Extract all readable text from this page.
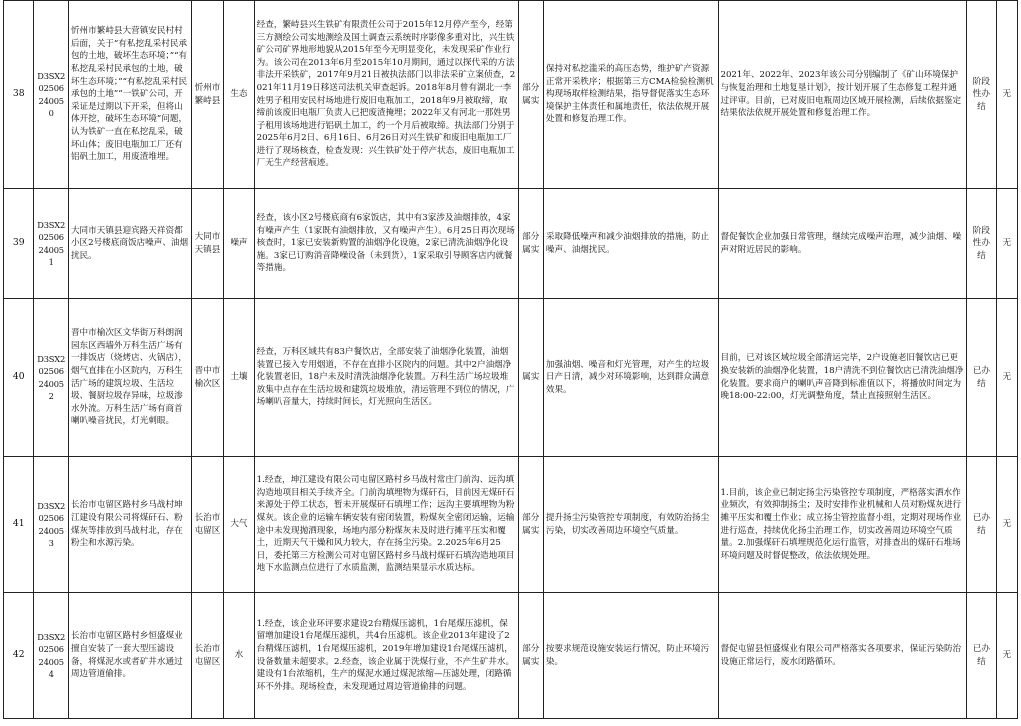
38	D3SX202506240050	忻州市繁峙县大营镇安民村村后面，关于“有私挖乱采村民承包的土地，破坏生态环境；”“有私挖乱采村民承包的土地，破坏生态环境；”“有私挖乱采村民承包的土地”“一铁矿公司，开采证是过期以下开采，但将山体开挖，破坏生态环境”问题，认为铁矿一直在私挖乱采，破坏山体；废旧电瓶加工厂还有铝矾土加工，用废渣堆埋。	忻州市繁峙县	生态	经查，繁峙县兴生铁矿有限责任公司于2015年12月停产至今，经第三方测绘公司实地测绘及国土调查云系统时序影像多重对比，兴生铁矿公司矿界地形地貌从2015年至今无明显变化，未发现采矿作业行为。该公司在2013年6月至2015年10月期间，通过以探代采的方法非法开采铁矿，2017年9月21日被执法部门以非法采矿立案侦查，2021年11月19日移送司法机关审查起诉。2018年8月曾有湖北一李姓男子租用安民村场地进行废旧电瓶加工，2018年9月被取缔，取缔前该废旧电瓶厂负责人已把废渣掩埋；2022年又有河北一那姓男子租用该场地进行铝矾土加工，约一个月后被取缔。执法部门分别于2025年6月2日、6月16日、6月26日对兴生铁矿和废旧电瓶加工厂进行了现场核查，检查发现：兴生铁矿处于停产状态，废旧电瓶加工厂无生产经营痕迹。	部分属实	保持对私挖滥采的高压态势，维护矿产资源正常开采秩序；根据第三方CMA检验检测机构现场取样检测结果，指导督促落实生态环境保护主体责任和属地责任，依法依规开展处置和修复治理工作。	2021年、2022年、2023年该公司分别编制了《矿山环境保护与恢复治理和土地复垦计划》，按计划开展了生态修复工程并通过评审。目前，已对废旧电瓶周边区域开展检测，后续依据鉴定结果依法依规开展处置和修复治理工作。	阶段性办结	无
39	D3SX202506240051	大同市天镇县迎宾路天祥资都小区2号楼底商饭店噪声、油烟扰民。	大同市天镇县	噪声	经查，该小区2号楼底商有6家饭店，其中有3家涉及油烟排放，4家有噪声产生（1家既有油烟排放，又有噪声产生）。6月25日再次现场核查时，1家已安装新购置的油烟净化设施，2家已清洗油烟净化设施。3家已订购消音降噪设备（未到货），1家采取引导顾客店内就餐等措施。	部分属实	采取降低噪声和减少油烟排放的措施，防止噪声、油烟扰民。	督促餐饮企业加强日常管理，继续完成噪声治理，减少油烟、噪声对附近居民的影响。	阶段性办结	无
40	D3SX202506240052	晋中市榆次区文华街万科朗润园东区西墙外万科生活广场有一排饭店（烧烤店、火锅店），烟气直排在小区院内，万科生活广场的建筑垃圾、生活垃圾、餐厨垃圾存异味，垃圾渗水外流。万科生活广场有商首喇叭噪音扰民，灯光刺眼。	晋中市榆次区	土壤	经查，万科区域共有83户餐饮店，全部安装了油烟净化装置，油烟装置已接入专用烟道，不存在直排小区院内的问题。其中2户油烟净化装置老旧，18户未及时清洗油烟净化装置。万科生活广场垃圾堆放集中点存在生活垃圾和建筑垃圾堆放，清运管理不到位的情况，广场喇叭音量大，持续时间长，灯光照向生活区。	属实	加强油烟、噪音和灯光管理，对产生的垃圾日产日清，减少对环境影响，达到群众满意效果。	目前，已对该区域垃圾全部清运完毕，2户设施老旧餐饮店已更换安装新的油烟净化装置，18户清洗不到位餐饮店已清洗油烟净化装置。要求商户的喇叭声音降到标准值以下，将播放时间定为晚18:00-22:00，灯光调整角度，禁止直接照射生活区。	已办结	无
41	D3SX202506240053	长治市屯留区路村乡马战村坤江建设有限公司将煤矸石、粉煤灰等排放到马战村北，存在粉尘和水源污染。	长治市屯留区	大气	1.经查，坤江建设有限公司屯留区路村乡马战村常庄门前沟、远沟填沟造地项目相关手续齐全。门前沟填埋物为煤矸石，目前因无煤矸石来源处于停工状态，暂未开展煤矸石填埋工作；远沟主要填埋物为粉煤灰。该企业的运输车辆安装有密闭装置，粉煤灰全密闭运输，运输途中未发现抛洒现象，场地内部分粉煤灰未及时进行摊平压实和覆土，近期天气干燥和风力较大，存在扬尘污染。2.2025年6月25日，委托第三方检测公司对屯留区路村乡马战村煤矸石填沟造地项目地下水监测点位进行了水质监测，监测结果显示水质达标。	部分属实	提升扬尘污染管控专项制度，有效防治扬尘污染，切实改善周边环境空气质量。	1.目前，该企业已制定扬尘污染管控专项制度，严格落实洒水作业频次，有效抑制扬尘；及时安排作业机械和人员对粉煤灰进行摊平压实和覆土作业；成立扬尘管控监督小组，定期对现场作业进行巡查，持续优化扬尘治理工作，切实改善周边环境空气质量。2.加强煤矸石填埋规范化运行监管，对排查出的煤矸石堆场环境问题及时督促整改，依法依规处理。	已办结	无
42	D3SX202506240054	长治市屯留区路村乡恒盛煤业擅自安装了一套大型压滤设备，将煤泥水或者矿井水通过周边管道偷排。	长治市屯留区	水	1.经查，该企业环评要求建设2台精煤压滤机，1台尾煤压滤机，保留增加建设1台尾煤压滤机，共4台压滤机。该企业2013年建设了2台精煤压滤机，1台尾煤压滤机，2019年增加建设1台尾煤压滤机，设备数量未超要求。2.经查，该企业属于洗煤行业，不产生矿井水。建设有1台浓缩机，生产的煤泥水通过煤泥浓缩—压滤处理，闭路循环不外排。现场检查，未发现通过周边管道偷排的问题。	部分属实	按要求规范设施安装运行情况，防止环境污染。	督促屯留县恒盛煤业有限公司严格落实各项要求，保证污染防治设施正常运行，废水闭路循环。	已办结	无
